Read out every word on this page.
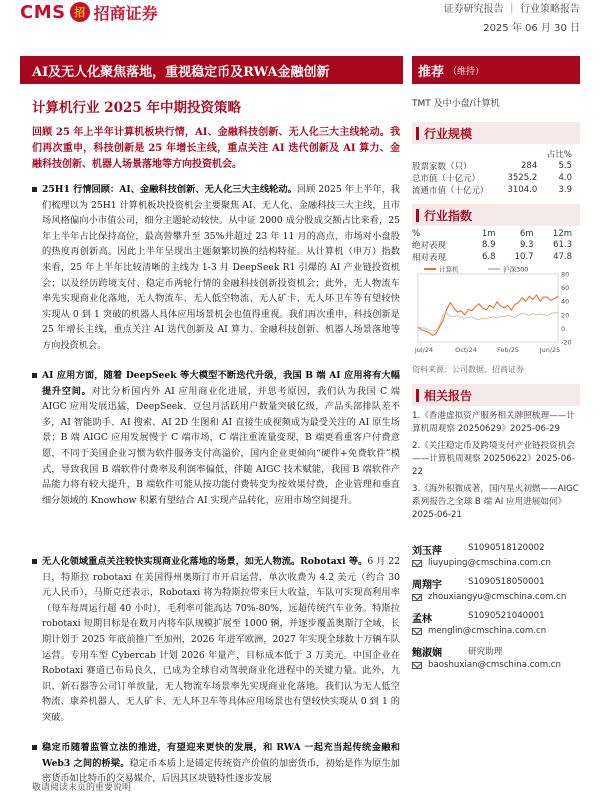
CMS 招 招商证券	证券研究报告 ｜ 行业策略报告
2025 年 06 月 30 日
AI及无人化聚焦落地，重视稳定币及RWA金融创新	推荐 （维持）
计算机行业 2025 年中期投资策略
回顾 25 年上半年计算机板块行情，AI、金融科技创新、无人化三大主线轮动。我们再次重申，科技创新是 25 年增长主线，重点关注 AI 迭代创新及 AI 算力、金融科技创新、机器人场景落地等方向投资机会。
25H1 行情回顾：AI、金融科技创新、无人化三大主线轮动。回顾 2025 年上半年，我们梳理以为 25H1 计算机板块投资机会主要聚焦 AI、无人化、金融科技三大主线，且市场风格偏向小市值公司，细分主题轮动较快。从中证 2000 成分股成交额占比来看，25 年上半年占比保持高位，最高曾攀升至 35%并超过 23 年 11 月的高点，市场对小盘股的热度再创新高。因此上半年呈现出主题频繁切换的结构特征。从计算机（申万）指数来看，25 年上半年比较清晰的主线为 1-3 月 DeepSeek R1 引爆的 AI 产业链投资机会；以及经历跨境支付、稳定币两轮行情的金融科技创新投资机会；此外，无人物流车率先实现商业化落地，无人物流车、无人低空物流、无人矿卡、无人环卫车等有望较快实现从 0 到 1 突破的机器人具体应用场景机会也值得重视。我们再次重申，科技创新是 25 年增长主线，重点关注 AI 迭代创新及 AI 算力、金融科技创新、机器人场景落地等方向投资机会。
AI 应用方面，随着 DeepSeek 等大模型不断迭代升级，我国 B 端 AI 应用将有大幅提升空间。对比分析国内外 AI 应用商业化进展，并思考原因，我们认为我国 C 端 AIGC 应用发展迅猛，DeepSeek、豆包月活跃用户数量突破亿级，产品头部排队差不多，AI 智能助手、AI 搜索、AI 2D 生图和 AI 直接生成视频成为最受关注的 AI 原生场景；B 端 AIGC 应用发展慢于 C 端市场，C 端注重流量变现，B 端更看重客户付费意愿，不同于美国企业习惯为软件服务支付高溢价，国内企业更倾向“硬件+免费软件”模式，导致我国 B 端软件付费率及利润率偏低，伴随 AIGC 技术赋能，我国 B 端软件产品能力将有较大提升，B 端软件可能从按功能付费转变为按效果付费，企业管理和垂直细分领域的 Knowhow 积累有望结合 AI 实现产品转化，应用市场空间提升。
无人化领域重点关注较快实现商业化落地的场景，如无人物流。Robotaxi 等。6 月 22 日，特斯拉 robotaxi 在美国得州奥斯汀市开启运营，单次收费为 4.2 美元（约合 30 元人民币），马斯克还表示，Robotaxi 将为特斯拉带来巨大收益，车队可实现高利用率（每车每周运行超 40 小时），毛利率可能高达 70%-80%，远超传统汽车业务。特斯拉 robotaxi 短期目标是在数月内将车队规模扩展至 1000 辆，并逐步覆盖奥斯汀全域，长期计划于 2025 年底前推广至加州，2026 年进军欧洲，2027 年实现全球数十万辆车队运营。专用车型 Cybercab 计划 2026 年量产，目标成本低于 3 万美元。中国企业在 Robotaxi 赛道已布局良久，已成为全球自动驾驶商业化进程中的关键力量。此外，九识、新石器等公司订单放量，无人物流车场景率先实现商业化落地。我们认为无人低空物流、康养机器人、无人矿卡、无人环卫车等具体应用场景也有望较快实现从 0 到 1 的突破。
稳定币随着监管立法的推进，有望迎来更快的发展，和 RWA 一起充当起传统金融和 Web3 之间的桥梁。稳定币本质上是锚定传统资产价值的加密货币，初始是作为原生加密货币如比特币的交易媒介，后因其区块链特性逐步发展
敬请阅读末页的重要说明
TMT 及中小盘/计算机
行业规模
		占比%
股票家数（只）	284	5.5
总市值（十亿元）	3525.2	4.0
流通市值（十亿元）	3104.0	3.9
行业指数
%	1m	6m	12m
绝对表现	8.9	9.3	61.3
相对表现	6.8	10.7	47.8
-20
0
20
40
60
80
Jul/24	Oct/24	Feb/25	Jun/25
计算机	沪深300
资料来源：公司数据、招商证券
相关报告
1.《香港虚拟资产服务相关牌照梳理——计算机周观察 20250629》2025-06-29
2.《关注稳定币及跨境支付产业链投资机会——计算机周观察 20250622》2025-06-22
3.《海外积微成著，国内星火初燃——AIGC 系列报告之全球 B 端 AI 应用进展如何》2025-06-21
刘玉萍	S1090518120002
liuyuping@cmschina.com.cn
周翔宇	S1090518050001
zhouxiangyu@cmschina.com.cn
孟林	S1090521040001
menglin@cmschina.com.cn
鲍淑娴	研究助理
baoshuxian@cmschina.com.cn
